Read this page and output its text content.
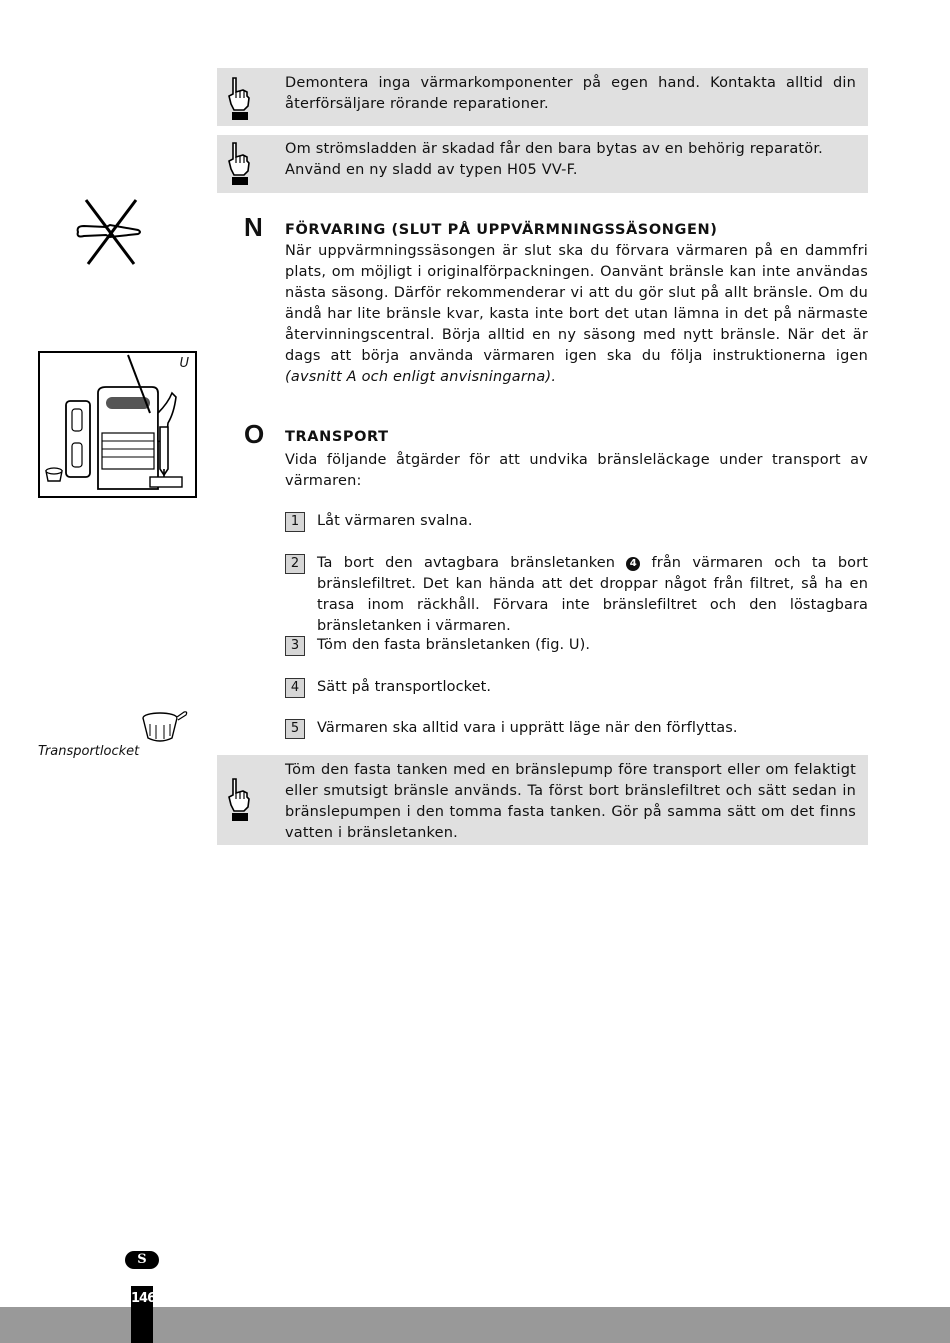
Demontera inga värmarkomponenter på egen hand. Kontakta alltid din återförsäljare rörande reparationer.
Om strömsladden är skadad får den bara bytas av en behörig reparatör. Använd en ny sladd av typen H05 VV-F.
U
N FÖRVARING (SLUT PÅ UPPVÄRMNINGSSÄSONGEN)
När uppvärmningssäsongen är slut ska du förvara värmaren på en dammfri plats, om möjligt i originalförpackningen. Oanvänt bränsle kan inte användas nästa säsong. Därför rekommenderar vi att du gör slut på allt bränsle. Om du ändå har lite bränsle kvar, kasta inte bort det utan lämna in det på närmaste återvinningscentral. Börja alltid en ny säsong med nytt bränsle. När det är dags att börja använda värmaren igen ska du följa instruktionerna igen (avsnitt A och enligt anvisningarna).
O TRANSPORT
Vida följande åtgärder för att undvika bränsleläckage under transport av värmaren:
1	Låt värmaren svalna.
2	Ta bort den avtagbara bränsletanken 4 från värmaren och ta bort bränslefiltret. Det kan hända att det droppar något från filtret, så ha en trasa inom räckhåll. Förvara inte bränslefiltret och den löstagbara bränsletanken i värmaren.
3	Töm den fasta bränsletanken (fig. U).
4	Sätt på transportlocket.
5	Värmaren ska alltid vara i upprätt läge när den förflyttas.
Transportlocket
Töm den fasta tanken med en bränslepump före transport eller om felaktigt eller smutsigt bränsle används. Ta först bort bränslefiltret och sätt sedan in bränslepumpen i den tomma fasta tanken. Gör på samma sätt om det finns vatten i bränsletanken.
S
146
